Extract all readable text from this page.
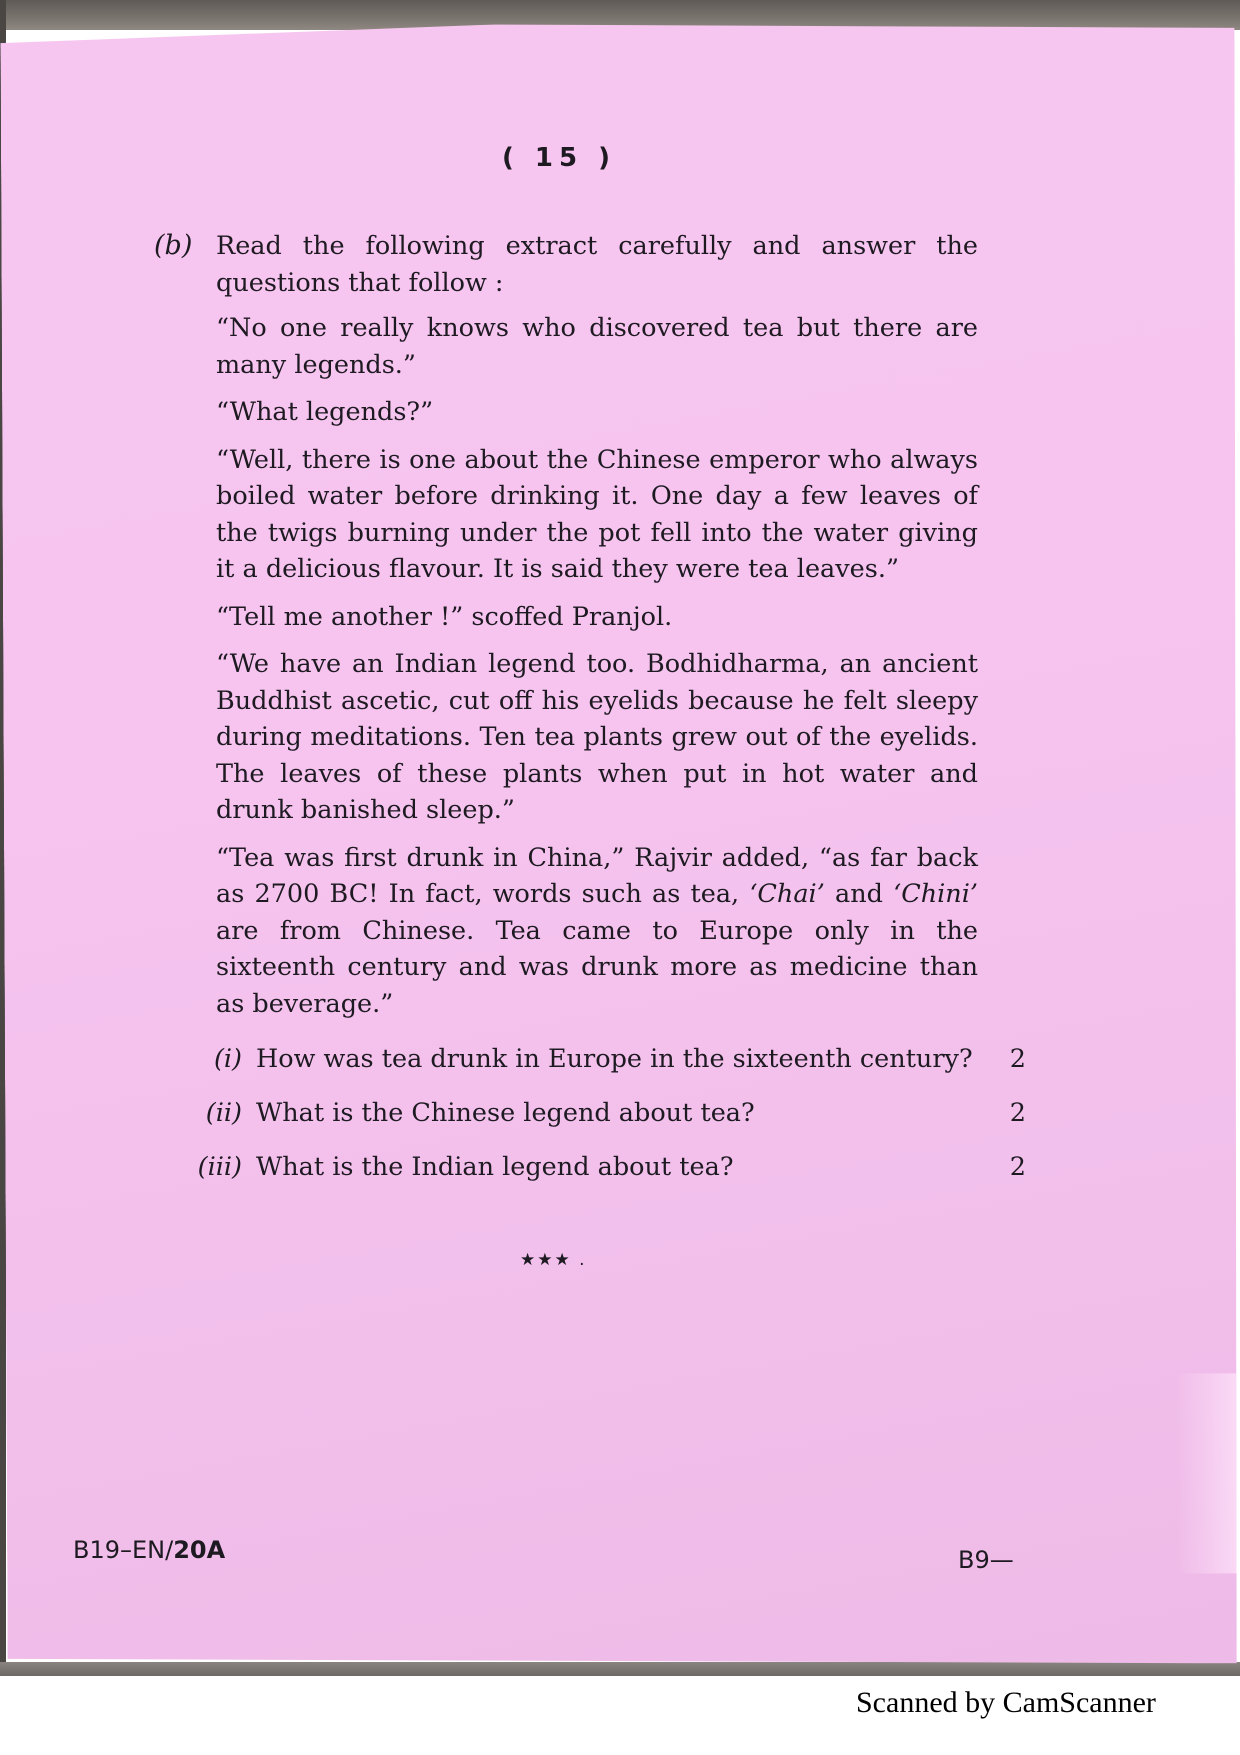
( 15 )
(b) Read the following extract carefully and answer the questions that follow :

“No one really knows who discovered tea but there are many legends.”

“What legends?”

“Well, there is one about the Chinese emperor who always boiled water before drinking it. One day a few leaves of the twigs burning under the pot fell into the water giving it a delicious flavour. It is said they were tea leaves.”

“Tell me another !” scoffed Pranjol.

“We have an Indian legend too. Bodhidharma, an ancient Buddhist ascetic, cut off his eyelids because he felt sleepy during meditations. Ten tea plants grew out of the eyelids. The leaves of these plants when put in hot water and drunk banished sleep.”

“Tea was first drunk in China,” Rajvir added, “as far back as 2700 BC! In fact, words such as tea, ‘Chai’ and ‘Chini’ are from Chinese. Tea came to Europe only in the sixteenth century and was drunk more as medicine than as beverage.”

(i) How was tea drunk in Europe in the sixteenth century? 2
(ii) What is the Chinese legend about tea?	2
(iii) What is the Indian legend about tea?	2
★★★ .
B19–EN/20A	B9—
Scanned by CamScanner
